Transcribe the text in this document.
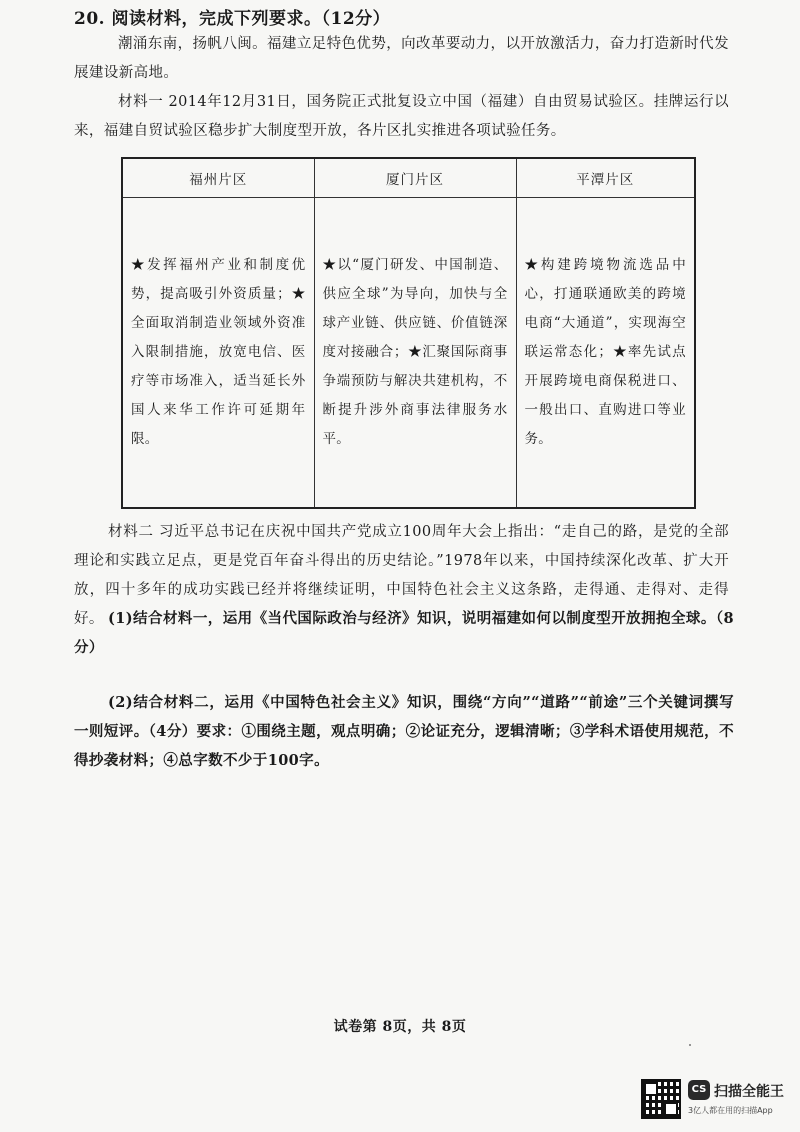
20. 阅读材料，完成下列要求。（12分）
潮涌东南，扬帆八闽。福建立足特色优势，向改革要动力，以开放激活力，奋力打造新时代发展建设新高地。
材料一 2014年12月31日，国务院正式批复设立中国（福建）自由贸易试验区。挂牌运行以来，福建自贸试验区稳步扩大制度型开放，各片区扎实推进各项试验任务。
福州片区	厦门片区	平潭片区

★发挥福州产业和制度优势，提高吸引外资质量；★全面取消制造业领域外资准入限制措施，放宽电信、医疗等市场准入，适当延长外国人来华工作许可延期年限。	★以“厦门研发、中国制造、供应全球”为导向，加快与全球产业链、供应链、价值链深度对接融合；★汇聚国际商事争端预防与解决共建机构，不断提升涉外商事法律服务水平。	★构建跨境物流选品中心，打通联通欧美的跨境电商“大通道”，实现海空联运常态化；★率先试点开展跨境电商保税进口、一般出口、直购进口等业务。
材料二 习近平总书记在庆祝中国共产党成立100周年大会上指出：“走自己的路，是党的全部理论和实践立足点，更是党百年奋斗得出的历史结论。”1978年以来，中国持续深化改革、扩大开放，四十多年的成功实践已经并将继续证明，中国特色社会主义这条路，走得通、走得对、走得好。 (1)结合材料一，运用《当代国际政治与经济》知识，说明福建如何以制度型开放拥抱全球。（8分）
(2)结合材料二，运用《中国特色社会主义》知识，围绕“方向”“道路”“前途”三个关键词撰写一则短评。（4分）要求：①围绕主题，观点明确；②论证充分，逻辑清晰；③学科术语使用规范，不得抄袭材料；④总字数不少于100字。
试卷第 8页，共 8页
CS 扫描全能王
3亿人都在用的扫描App
